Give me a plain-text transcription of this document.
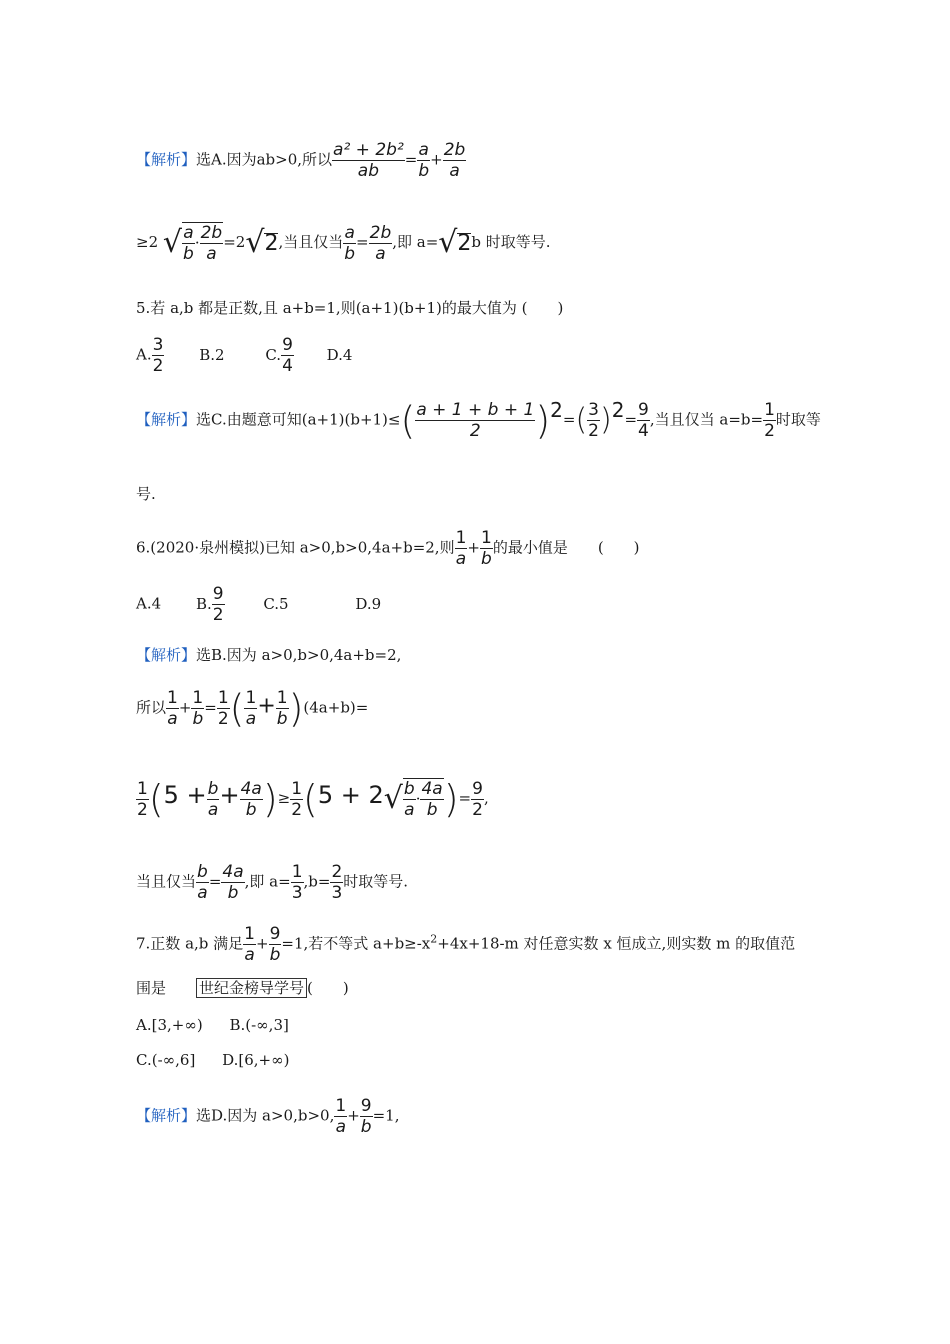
【解析】选A.因为ab>0,所以 $\frac{\text{a² + 2b²}}{ab} = \frac{a}{b} + \frac{2b}{a}$
≥2 √ $\frac{a}{b} \cdot \frac{2b}{a} =2√2$,当且仅当 $\frac{a}{b} = \frac{2b}{a}$ ,即 a=√2b 时取等号.
5.若 a,b 都是正数,且 a+b=1,则(a+1)(b+1)的最大值为 (　　)
A. $\frac{3}{2} B.2$	C. $\frac{9}{4} D.4$
【解析】选C.由题意可知$(a+1)(b+1)\le( \frac{a + 1 + b + 1}{2} )2=( \frac{3}{2} )2= \frac{9}{4}$ ,当且仅当 $a=b= \frac{1}{2}$ 时取等
号.
6.(2020·泉州模拟)已知 a>0,b>0,4a+b=2,则 $\frac{1}{a} + \frac{1}{b}$ 的最小值是　　(　　)
A.4 B. $\frac{9}{2}$	C.5	D.9
【解析】选B.因为 a>0,b>0,4a+b=2,
所以 $\frac{1}{a} + \frac{1}{b} = \frac{1}{2}$ ( $\frac{1}{a} + \frac{1}{b} )(4a+b)=$
$\frac{1}{2} (5 + \frac{b}{a} + \frac{4a}{b}$ )≥ $\frac{1}{2} (5 + 2√ \frac{b}{a} \cdot \frac{4a}{b}$ )= $\frac{9}{2}$ ,
当且仅当 $\frac{b}{a} = \frac{4a}{b}$ ,即 $a= \frac{1}{3} ,b= \frac{2}{3}$ 时取等号.
7.正数 a,b 满足 $\frac{1}{a} + \frac{9}{b} =1$,若不等式 $a+b\ge-x^2+4x+18-m$ 对任意实数 x 恒成立,则实数 m 的取值范
围是 世纪金榜导学号 (　　)
A.[3,+∞) B.(-∞,3]
C.(-∞,6] D.[6,+∞)
【解析】选D.因为 a>0,b>0, $\frac{1}{a} + \frac{9}{b} =1$,
